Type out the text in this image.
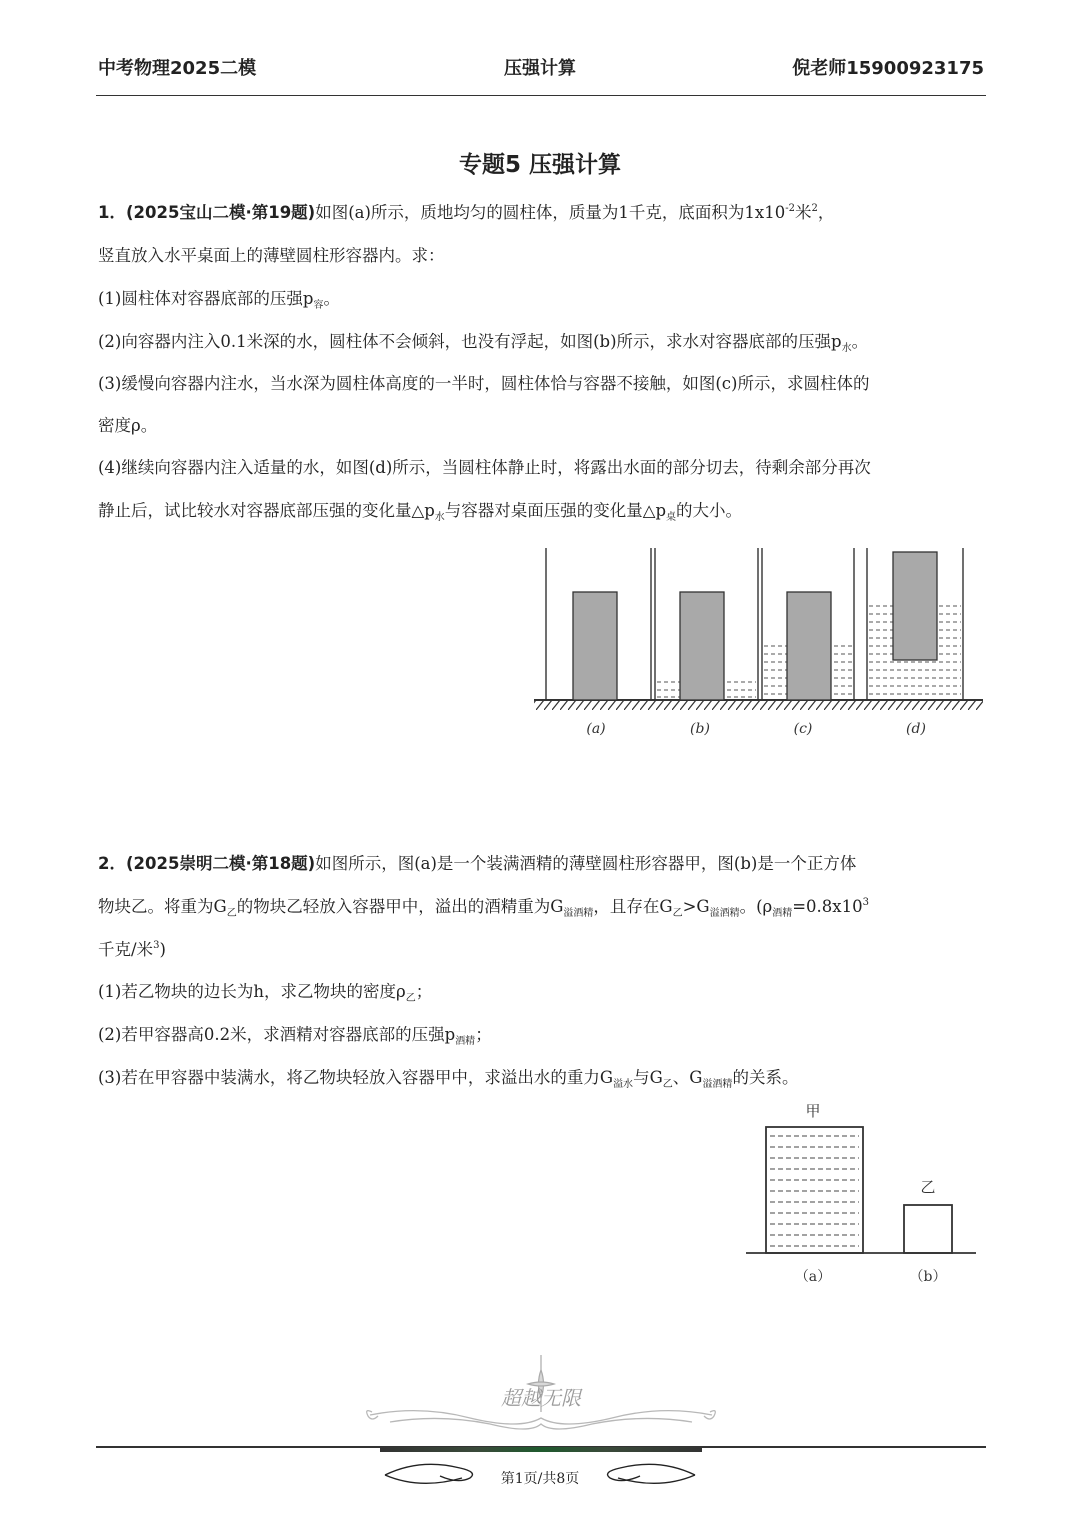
中考物理2025二模	压强计算	倪老师15900923175
专题5 压强计算
1．(2025宝山二模·第19题)如图(a)所示，质地均匀的圆柱体，质量为1千克，底面积为$1x10^{-2}$米$^2$，
竖直放入水平桌面上的薄壁圆柱形容器内。求：
(1)圆柱体对容器底部的压强$p_容$。
(2)向容器内注入0.1米深的水，圆柱体不会倾斜，也没有浮起，如图(b)所示，求水对容器底部的压强$p_水$。
(3)缓慢向容器内注水，当水深为圆柱体高度的一半时，圆柱体恰与容器不接触，如图(c)所示，求圆柱体的
密度ρ。
(4)继续向容器内注入适量的水，如图(d)所示，当圆柱体静止时，将露出水面的部分切去，待剩余部分再次
静止后，试比较水对容器底部压强的变化量$\triangle p_水$与容器对桌面压强的变化量$\triangle p_桌$的大小。
(a)	(b)	(c)	(d)
2．(2025崇明二模·第18题)如图所示，图(a)是一个装满酒精的薄壁圆柱形容器甲，图(b)是一个正方体
物块乙。将重为$G_乙$的物块乙轻放入容器甲中，溢出的酒精重为$G_{溢酒精}$，且存在$G_乙>G_{溢酒精}$。($\rho_{酒精}=0.8x10^3$
千克/米$^3$)
(1)若乙物块的边长为h，求乙物块的密度$\rho_乙$；
(2)若甲容器高0.2米，求酒精对容器底部的压强$p_{酒精}$；
(3)若在甲容器中装满水，将乙物块轻放入容器甲中，求溢出水的重力$G_{溢水}$与$G_乙$、$G_{溢酒精}$的关系。
甲
乙
（a）	（b）
超越无限
第1页/共8页
